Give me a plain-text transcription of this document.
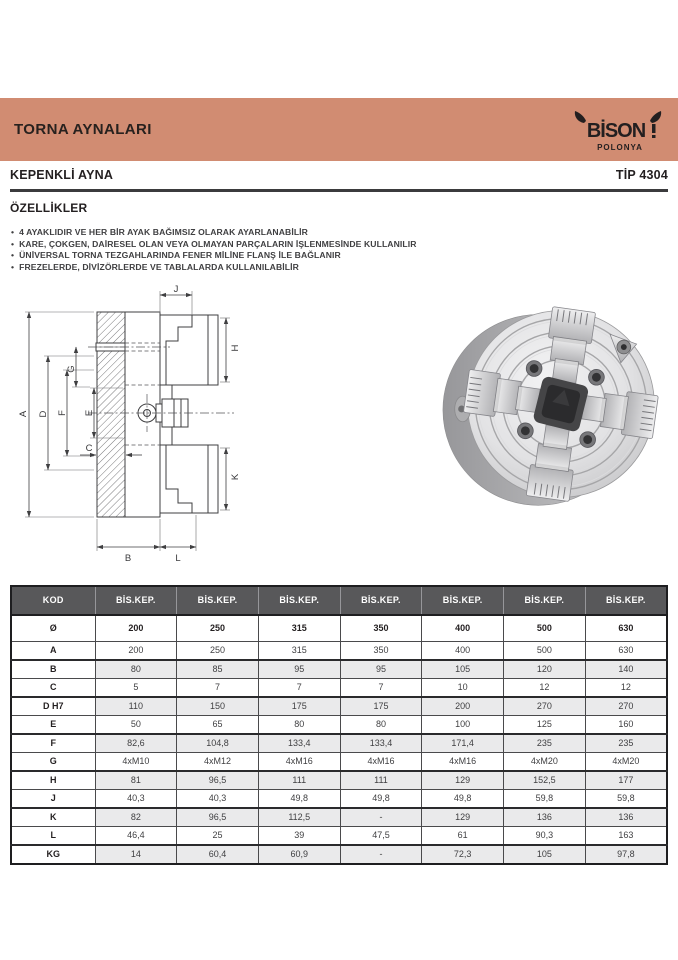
TORNA AYNALARI	BİSON
POLONYA
KEPENKLİ AYNA	TİP 4304
ÖZELLİKLER
• 4 AYAKLIDIR VE HER BİR AYAK BAĞIMSIZ OLARAK AYARLANABİLİR
• KARE, ÇOKGEN, DAİRESEL OLAN VEYA OLMAYAN PARÇALARIN İŞLENMESİNDE KULLANILIR
• ÜNİVERSAL TORNA TEZGAHLARINDA FENER MİLİNE FLANŞ İLE BAĞLANIR
• FREZELERDE, DİVİZÖRLERDE VE TABLALARDA KULLANILABİLİR
A D F
G
E
C
B	L
J
H
K
KOD	BİS.KEP.	BİS.KEP.	BİS.KEP.	BİS.KEP.	BİS.KEP.	BİS.KEP.	BİS.KEP.
Ø	200	250	315	350	400	500	630
A	200	250	315	350	400	500	630
B	80	85	95	95	105	120	140
C	5	7	7	7	10	12	12
D H7	110	150	175	175	200	270	270
E	50	65	80	80	100	125	160
F	82,6	104,8	133,4	133,4	171,4	235	235
G	4xM10	4xM12	4xM16	4xM16	4xM16	4xM20	4xM20
H	81	96,5	111	111	129	152,5	177
J	40,3	40,3	49,8	49,8	49,8	59,8	59,8
K	82	96,5	112,5	-	129	136	136
L	46,4	25	39	47,5	61	90,3	163
KG	14	60,4	60,9	-	72,3	105	97,8
